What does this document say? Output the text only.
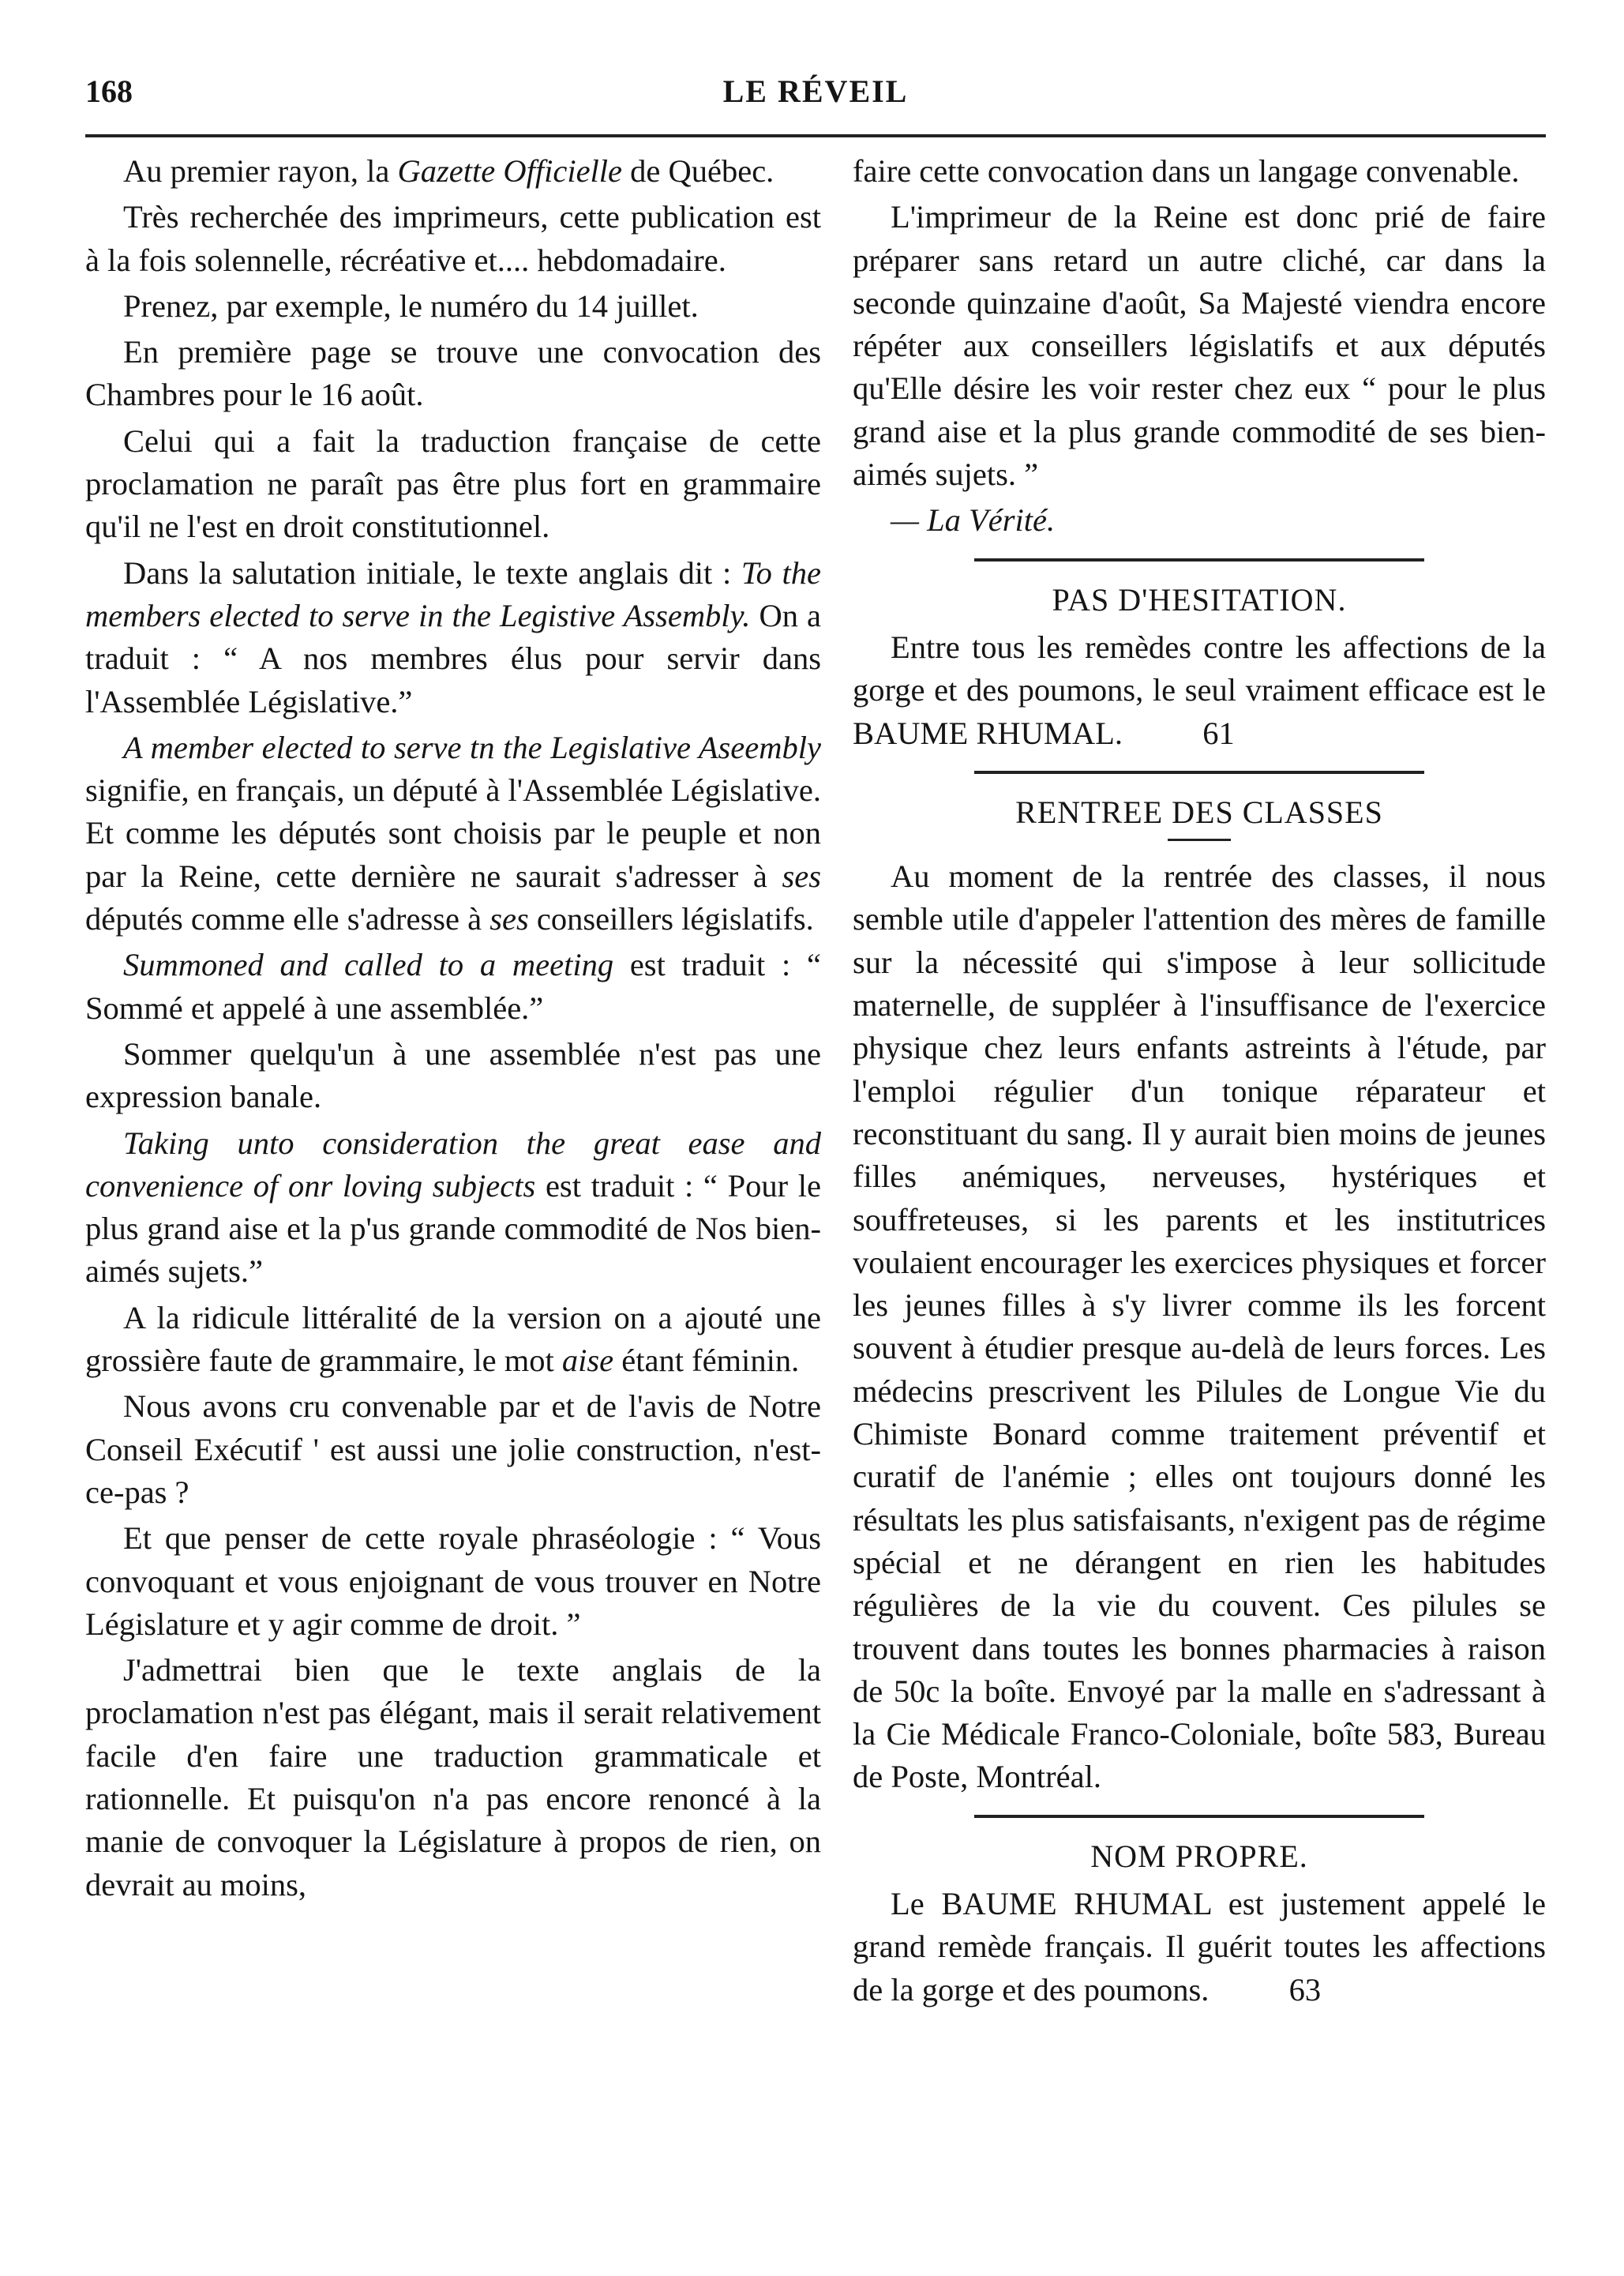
168	LE RÉVEIL

Au premier rayon, la Gazette Officielle de Québec.

Très recherchée des imprimeurs, cette publication est à la fois solennelle, récréative et.... hebdomadaire.

Prenez, par exemple, le numéro du 14 juillet.

En première page se trouve une convocation des Chambres pour le 16 août.

Celui qui a fait la traduction française de cette proclamation ne paraît pas être plus fort en grammaire qu'il ne l'est en droit constitutionnel.

Dans la salutation initiale, le texte anglais dit : To the members elected to serve in the Legistive Assembly. On a traduit : “ A nos membres élus pour servir dans l'Assemblée Législative.”

A member elected to serve tn the Legislative Aseembly signifie, en français, un député à l'Assemblée Législative. Et comme les députés sont choisis par le peuple et non par la Reine, cette dernière ne saurait s'adresser à ses députés comme elle s'adresse à ses conseillers législatifs.

Summoned and called to a meeting est traduit : “ Sommé et appelé à une assemblée.”

Sommer quelqu'un à une assemblée n'est pas une expression banale.

Taking unto consideration the great ease and convenience of onr loving subjects est traduit : “ Pour le plus grand aise et la p'us grande commodité de Nos bien-aimés sujets.”

A la ridicule littéralité de la version on a ajouté une grossière faute de grammaire, le mot aise étant féminin.

Nous avons cru convenable par et de l'avis de Notre Conseil Exécutif ' est aussi une jolie construction, n'est-ce-pas ?

Et que penser de cette royale phraséologie : “ Vous convoquant et vous enjoignant de vous trouver en Notre Législature et y agir comme de droit. ”

J'admettrai bien que le texte anglais de la proclamation n'est pas élégant, mais il serait relativement facile d'en faire une traduction grammaticale et rationnelle. Et puisqu'on n'a pas encore renoncé à la manie de convoquer la Législature à propos de rien, on devrait au moins,

faire cette convocation dans un langage convenable.

L'imprimeur de la Reine est donc prié de faire préparer sans retard un autre cliché, car dans la seconde quinzaine d'août, Sa Majesté viendra encore répéter aux conseillers législatifs et aux députés qu'Elle désire les voir rester chez eux “ pour le plus grand aise et la plus grande commodité de ses bien-aimés sujets. ”

— La Vérité.

PAS D'HESITATION.

Entre tous les remèdes contre les affections de la gorge et des poumons, le seul vraiment efficace est le BAUME RHUMAL.	61

RENTREE DES CLASSES

Au moment de la rentrée des classes, il nous semble utile d'appeler l'attention des mères de famille sur la nécessité qui s'impose à leur sollicitude maternelle, de suppléer à l'insuffisance de l'exercice physique chez leurs enfants astreints à l'étude, par l'emploi régulier d'un tonique réparateur et reconstituant du sang. Il y aurait bien moins de jeunes filles anémiques, nerveuses, hystériques et souffreteuses, si les parents et les institutrices voulaient encourager les exercices physiques et forcer les jeunes filles à s'y livrer comme ils les forcent souvent à étudier presque au-delà de leurs forces. Les médecins prescrivent les Pilules de Longue Vie du Chimiste Bonard comme traitement préventif et curatif de l'anémie ; elles ont toujours donné les résultats les plus satisfaisants, n'exigent pas de régime spécial et ne dérangent en rien les habitudes régulières de la vie du couvent. Ces pilules se trouvent dans toutes les bonnes pharmacies à raison de 50c la boîte. Envoyé par la malle en s'adressant à la Cie Médicale Franco-Coloniale, boîte 583, Bureau de Poste, Montréal.

NOM PROPRE.

Le BAUME RHUMAL est justement appelé le grand remède français. Il guérit toutes les affections de la gorge et des poumons.	63
